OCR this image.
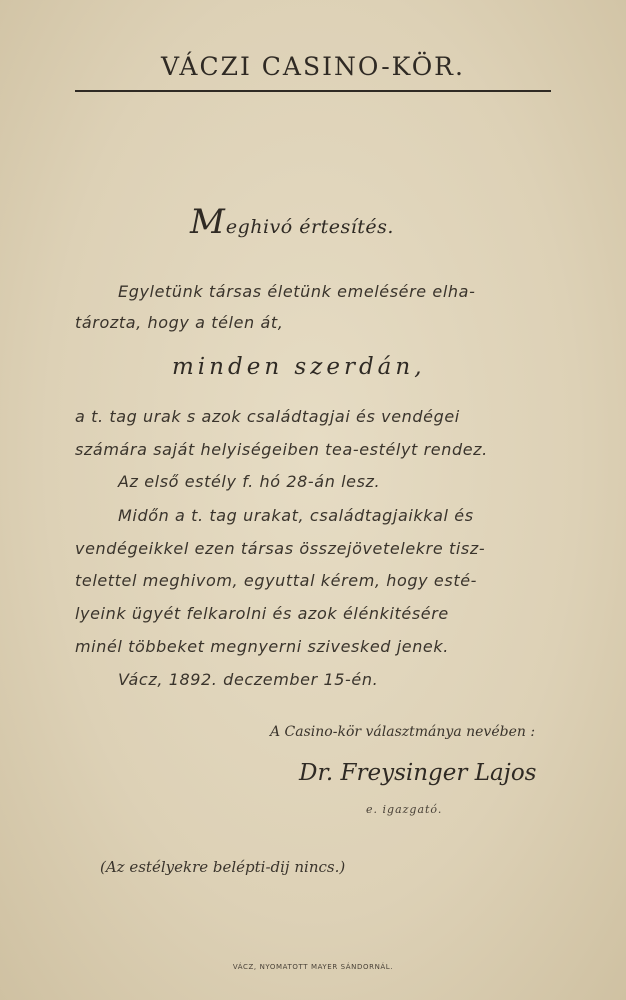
VÁCZI CASINO-KÖR.
Meghivó értesítés.
Egyletünk társas életünk emelésére elha-
tározta, hogy a télen át,
minden szerdán,
a t. tag urak s azok családtagjai és vendégei
számára saját helyiségeiben tea-estélyt rendez.
Az első estély f. hó 28-án lesz.
Midőn a t. tag urakat, családtagjaikkal és
vendégeikkel ezen társas összejövetelekre tisz-
telettel meghivom, egyuttal kérem, hogy esté-
lyeink ügyét felkarolni és azok élénkitésére
minél többeket megnyerni szivesked jenek.
Vácz, 1892. deczember 15-én.
A Casino-kör választmánya nevében :
Dr. Freysinger Lajos
e. igazgató.
(Az estélyekre belépti-dij nincs.)
VÁCZ, NYOMATOTT MAYER SÁNDORNÁL.
